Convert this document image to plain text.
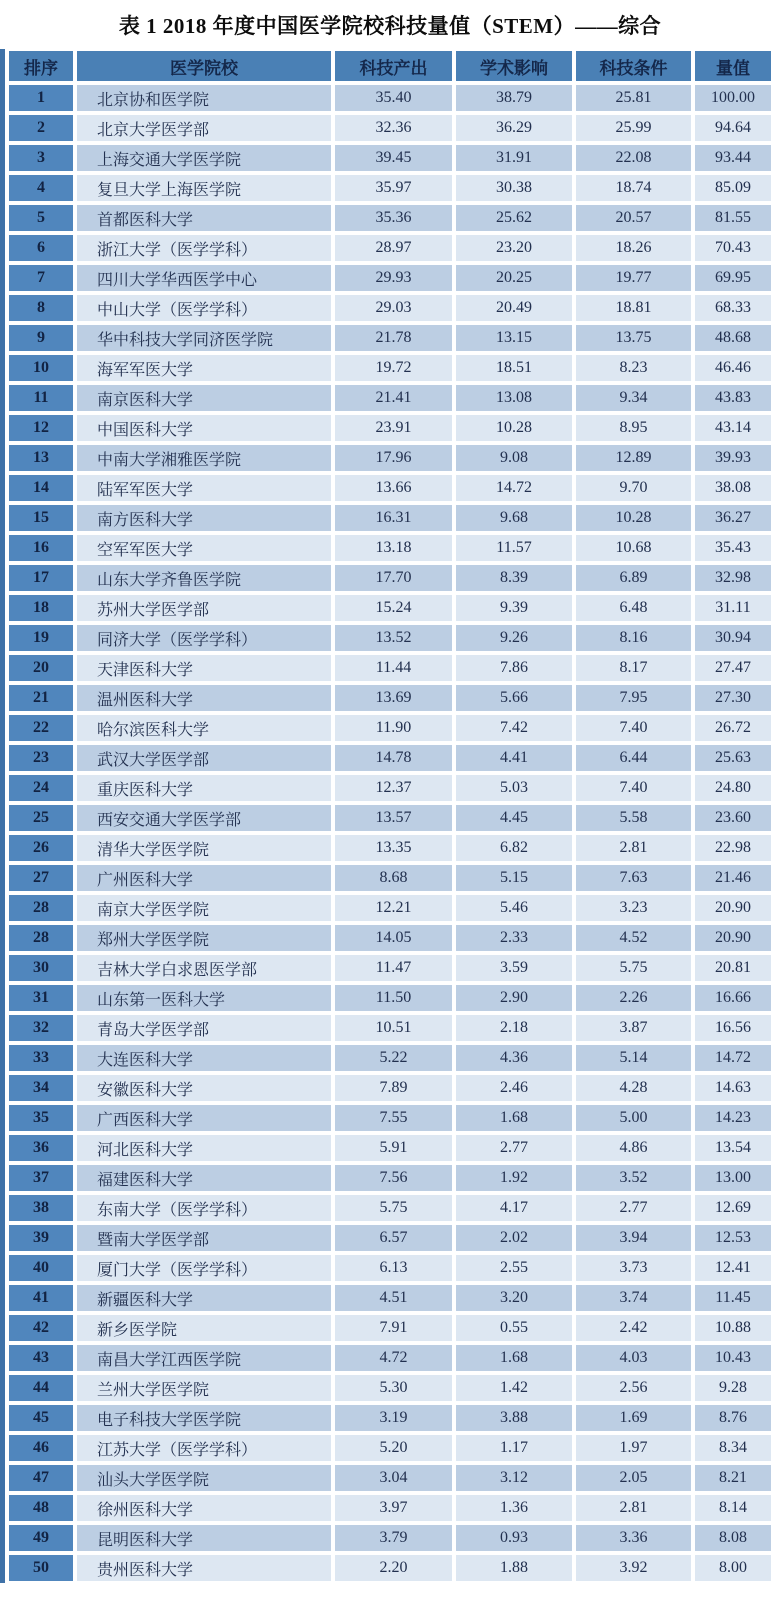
表 1 2018 年度中国医学院校科技量值（STEM）——综合
排序	医学院校	科技产出	学术影响	科技条件	量值
1	北京协和医学院	35.40	38.79	25.81	100.00
2	北京大学医学部	32.36	36.29	25.99	94.64
3	上海交通大学医学院	39.45	31.91	22.08	93.44
4	复旦大学上海医学院	35.97	30.38	18.74	85.09
5	首都医科大学	35.36	25.62	20.57	81.55
6	浙江大学（医学学科）	28.97	23.20	18.26	70.43
7	四川大学华西医学中心	29.93	20.25	19.77	69.95
8	中山大学（医学学科）	29.03	20.49	18.81	68.33
9	华中科技大学同济医学院	21.78	13.15	13.75	48.68
10	海军军医大学	19.72	18.51	8.23	46.46
11	南京医科大学	21.41	13.08	9.34	43.83
12	中国医科大学	23.91	10.28	8.95	43.14
13	中南大学湘雅医学院	17.96	9.08	12.89	39.93
14	陆军军医大学	13.66	14.72	9.70	38.08
15	南方医科大学	16.31	9.68	10.28	36.27
16	空军军医大学	13.18	11.57	10.68	35.43
17	山东大学齐鲁医学院	17.70	8.39	6.89	32.98
18	苏州大学医学部	15.24	9.39	6.48	31.11
19	同济大学（医学学科）	13.52	9.26	8.16	30.94
20	天津医科大学	11.44	7.86	8.17	27.47
21	温州医科大学	13.69	5.66	7.95	27.30
22	哈尔滨医科大学	11.90	7.42	7.40	26.72
23	武汉大学医学部	14.78	4.41	6.44	25.63
24	重庆医科大学	12.37	5.03	7.40	24.80
25	西安交通大学医学部	13.57	4.45	5.58	23.60
26	清华大学医学院	13.35	6.82	2.81	22.98
27	广州医科大学	8.68	5.15	7.63	21.46
28	南京大学医学院	12.21	5.46	3.23	20.90
28	郑州大学医学院	14.05	2.33	4.52	20.90
30	吉林大学白求恩医学部	11.47	3.59	5.75	20.81
31	山东第一医科大学	11.50	2.90	2.26	16.66
32	青岛大学医学部	10.51	2.18	3.87	16.56
33	大连医科大学	5.22	4.36	5.14	14.72
34	安徽医科大学	7.89	2.46	4.28	14.63
35	广西医科大学	7.55	1.68	5.00	14.23
36	河北医科大学	5.91	2.77	4.86	13.54
37	福建医科大学	7.56	1.92	3.52	13.00
38	东南大学（医学学科）	5.75	4.17	2.77	12.69
39	暨南大学医学部	6.57	2.02	3.94	12.53
40	厦门大学（医学学科）	6.13	2.55	3.73	12.41
41	新疆医科大学	4.51	3.20	3.74	11.45
42	新乡医学院	7.91	0.55	2.42	10.88
43	南昌大学江西医学院	4.72	1.68	4.03	10.43
44	兰州大学医学院	5.30	1.42	2.56	9.28
45	电子科技大学医学院	3.19	3.88	1.69	8.76
46	江苏大学（医学学科）	5.20	1.17	1.97	8.34
47	汕头大学医学院	3.04	3.12	2.05	8.21
48	徐州医科大学	3.97	1.36	2.81	8.14
49	昆明医科大学	3.79	0.93	3.36	8.08
50	贵州医科大学	2.20	1.88	3.92	8.00
